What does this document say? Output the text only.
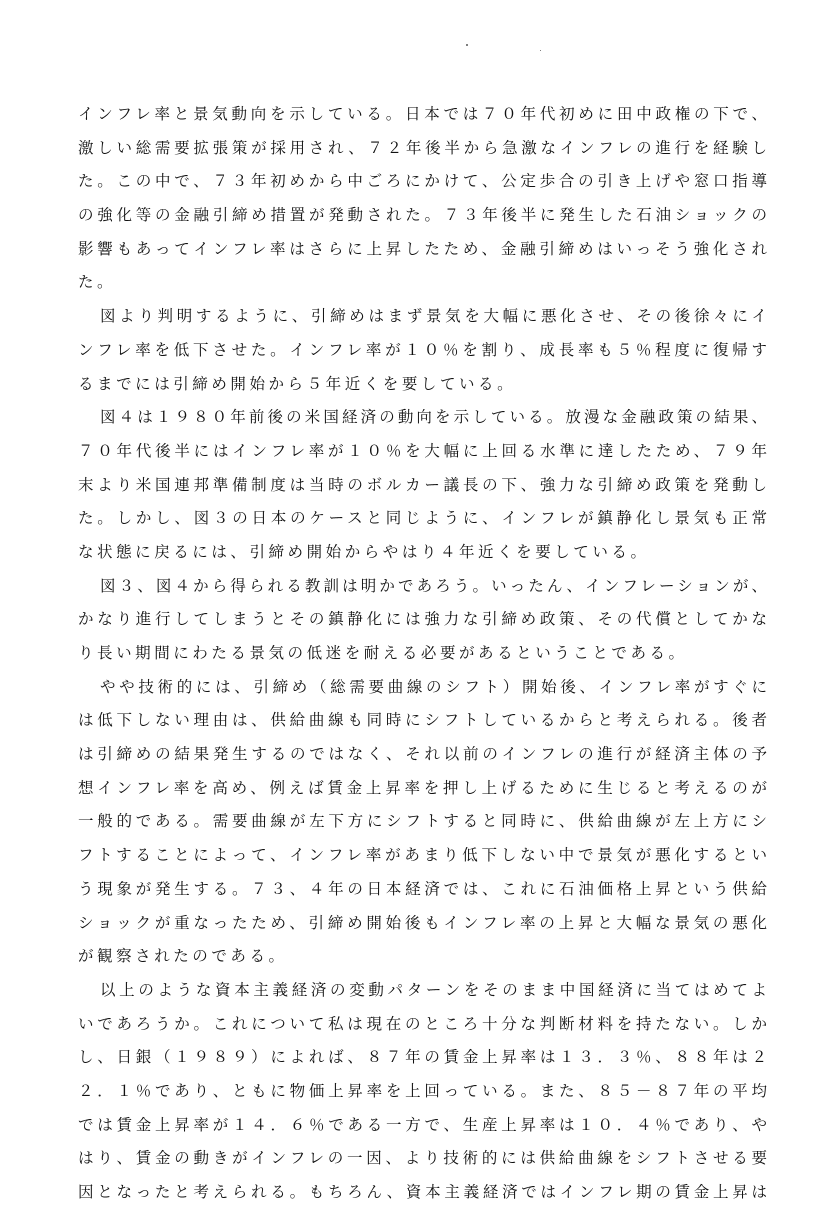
インフレ率と景気動向を示している。日本では７０年代初めに田中政権の下で、
激しい総需要拡張策が採用され、７２年後半から急激なインフレの進行を経験し
た。この中で、７３年初めから中ごろにかけて、公定歩合の引き上げや窓口指導
の強化等の金融引締め措置が発動された。７３年後半に発生した石油ショックの
影響もあってインフレ率はさらに上昇したため、金融引締めはいっそう強化され
た。
図より判明するように、引締めはまず景気を大幅に悪化させ、その後徐々にイ
ンフレ率を低下させた。インフレ率が１０％を割り、成長率も５％程度に復帰す
るまでには引締め開始から５年近くを要している。
図４は１９８０年前後の米国経済の動向を示している。放漫な金融政策の結果、
７０年代後半にはインフレ率が１０％を大幅に上回る水準に達したため、７９年
末より米国連邦準備制度は当時のボルカー議長の下、強力な引締め政策を発動し
た。しかし、図３の日本のケースと同じように、インフレが鎮静化し景気も正常
な状態に戻るには、引締め開始からやはり４年近くを要している。
図３、図４から得られる教訓は明かであろう。いったん、インフレーションが、
かなり進行してしまうとその鎮静化には強力な引締め政策、その代償としてかな
り長い期間にわたる景気の低迷を耐える必要があるということである。
やや技術的には、引締め（総需要曲線のシフト）開始後、インフレ率がすぐに
は低下しない理由は、供給曲線も同時にシフトしているからと考えられる。後者
は引締めの結果発生するのではなく、それ以前のインフレの進行が経済主体の予
想インフレ率を高め、例えば賃金上昇率を押し上げるために生じると考えるのが
一般的である。需要曲線が左下方にシフトすると同時に、供給曲線が左上方にシ
フトすることによって、インフレ率があまり低下しない中で景気が悪化するとい
う現象が発生する。７３、４年の日本経済では、これに石油価格上昇という供給
ショックが重なったため、引締め開始後もインフレ率の上昇と大幅な景気の悪化
が観察されたのである。
以上のような資本主義経済の変動パターンをそのまま中国経済に当てはめてよ
いであろうか。これについて私は現在のところ十分な判断材料を持たない。しか
し、日銀（１９８９）によれば、８７年の賃金上昇率は１３．３％、８８年は２
２．１％であり、ともに物価上昇率を上回っている。また、８５－８７年の平均
では賃金上昇率が１４．６％である一方で、生産上昇率は１０．４％であり、や
はり、賃金の動きがインフレの一因、より技術的には供給曲線をシフトさせる要
因となったと考えられる。もちろん、資本主義経済ではインフレ期の賃金上昇は
